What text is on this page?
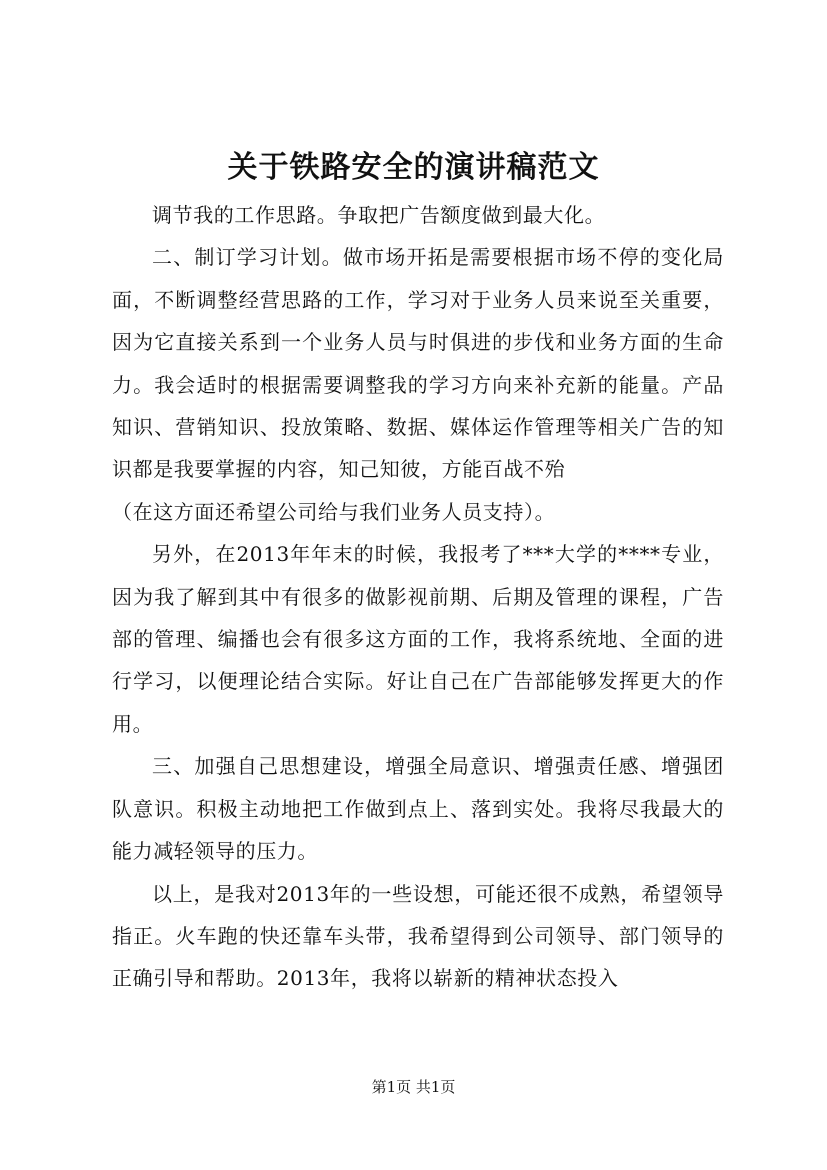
关于铁路安全的演讲稿范文

调节我的工作思路。争取把广告额度做到最大化。

二、制订学习计划。做市场开拓是需要根据市场不停的变化局面，不断调整经营思路的工作，学习对于业务人员来说至关重要，因为它直接关系到一个业务人员与时俱进的步伐和业务方面的生命力。我会适时的根据需要调整我的学习方向来补充新的能量。产品知识、营销知识、投放策略、数据、媒体运作管理等相关广告的知识都是我要掌握的内容，知己知彼，方能百战不殆

（在这方面还希望公司给与我们业务人员支持）。

另外，在2013年年末的时候，我报考了***大学的****专业，因为我了解到其中有很多的做影视前期、后期及管理的课程，广告部的管理、编播也会有很多这方面的工作，我将系统地、全面的进行学习，以便理论结合实际。好让自己在广告部能够发挥更大的作用。

三、加强自己思想建设，增强全局意识、增强责任感、增强团队意识。积极主动地把工作做到点上、落到实处。我将尽我最大的能力减轻领导的压力。

以上，是我对2013年的一些设想，可能还很不成熟，希望领导指正。火车跑的快还靠车头带，我希望得到公司领导、部门领导的正确引导和帮助。2013年，我将以崭新的精神状态投入

第1页 共1页
